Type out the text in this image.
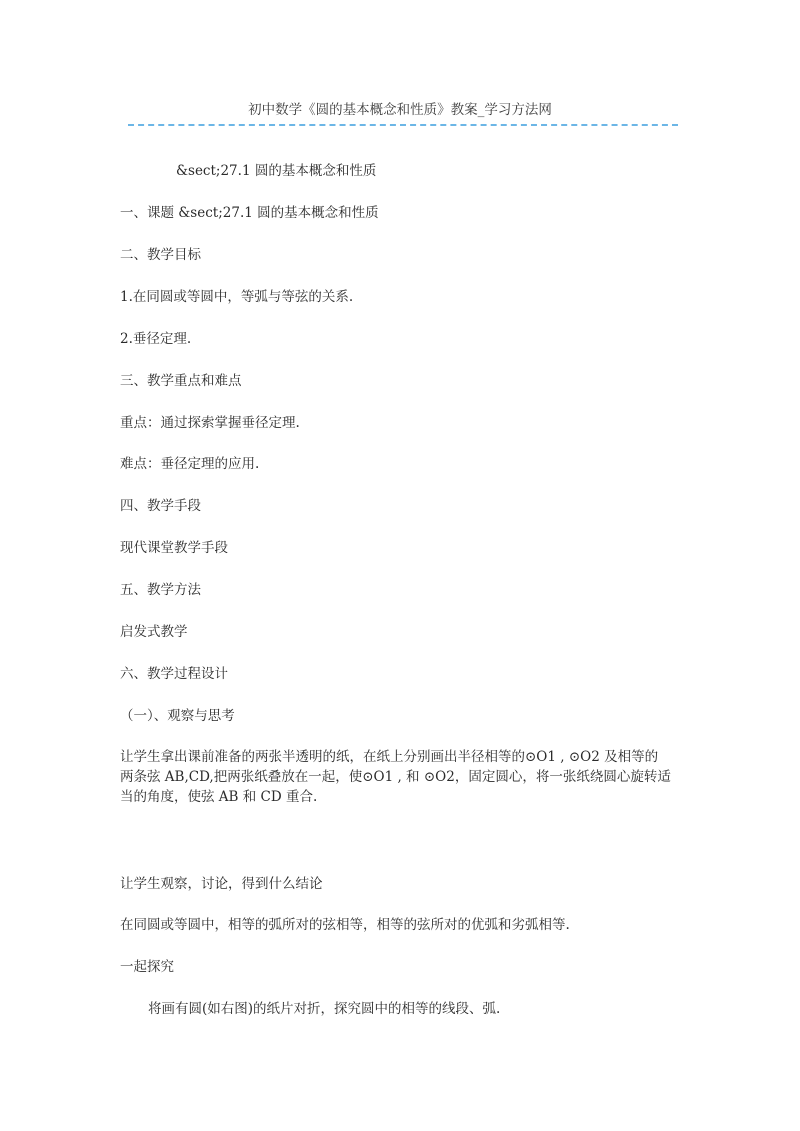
初中数学《圆的基本概念和性质》教案_学习方法网
&sect;27.1 圆的基本概念和性质
一、课题 &sect;27.1 圆的基本概念和性质
二、教学目标
1.在同圆或等圆中，等弧与等弦的关系.
2.垂径定理.
三、教学重点和难点
重点：通过探索掌握垂径定理.
难点：垂径定理的应用.
四、教学手段
现代课堂教学手段
五、教学方法
启发式教学
六、教学过程设计
（一）、观察与思考
让学生拿出课前准备的两张半透明的纸，在纸上分别画出半径相等的⊙O1 , ⊙O2 及相等的
两条弦 AB,CD,把两张纸叠放在一起，使⊙O1 , 和 ⊙O2，固定圆心，将一张纸绕圆心旋转适
当的角度，使弦 AB 和 CD 重合.
让学生观察，讨论，得到什么结论
在同圆或等圆中，相等的弧所对的弦相等，相等的弦所对的优弧和劣弧相等.
一起探究
将画有圆(如右图)的纸片对折，探究圆中的相等的线段、弧.
